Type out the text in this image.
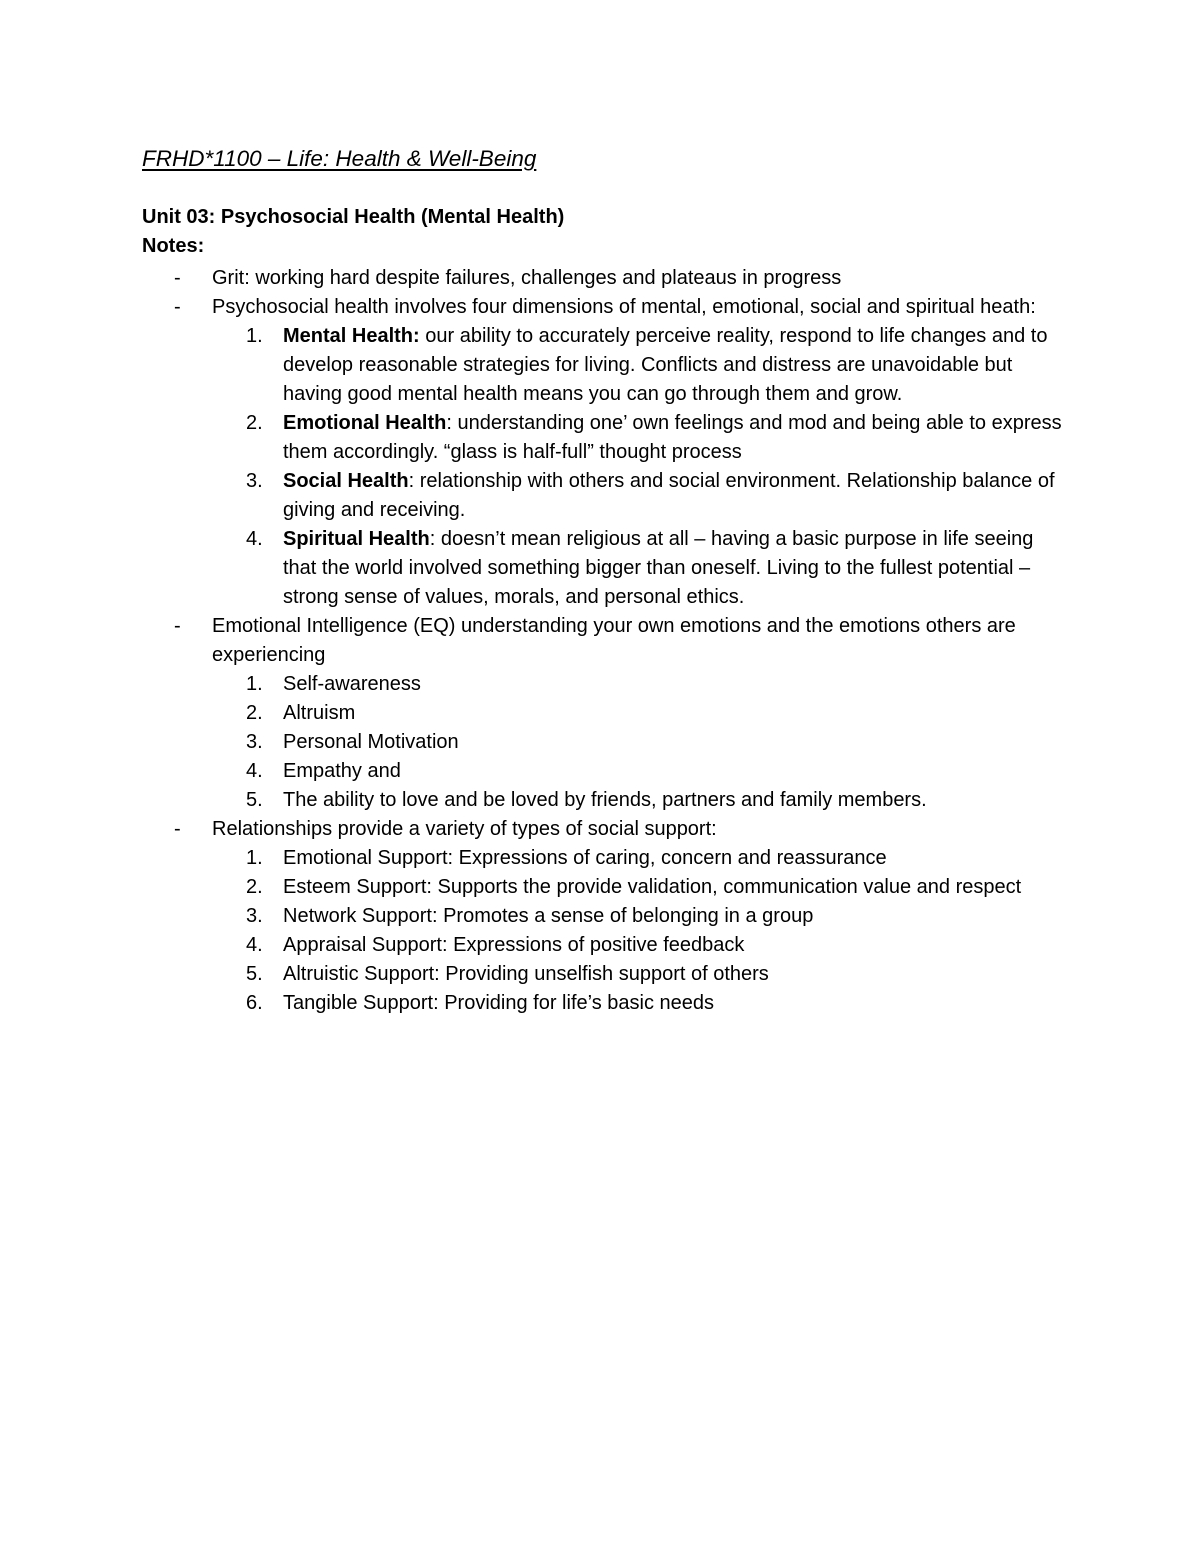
FRHD*1100 – Life: Health & Well-Being
Unit 03: Psychosocial Health (Mental Health)
Notes:
- Grit: working hard despite failures, challenges and plateaus in progress
- Psychosocial health involves four dimensions of mental, emotional, social and spiritual heath:
1. Mental Health: our ability to accurately perceive reality, respond to life changes and to develop reasonable strategies for living. Conflicts and distress are unavoidable but having good mental health means you can go through them and grow.
2. Emotional Health: understanding one’ own feelings and mod and being able to express them accordingly. “glass is half-full” thought process
3. Social Health: relationship with others and social environment. Relationship balance of giving and receiving.
4. Spiritual Health: doesn’t mean religious at all – having a basic purpose in life seeing that the world involved something bigger than oneself. Living to the fullest potential – strong sense of values, morals, and personal ethics.
- Emotional Intelligence (EQ) understanding your own emotions and the emotions others are experiencing
1. Self-awareness
2. Altruism
3. Personal Motivation
4. Empathy and
5. The ability to love and be loved by friends, partners and family members.
- Relationships provide a variety of types of social support:
1. Emotional Support: Expressions of caring, concern and reassurance
2. Esteem Support: Supports the provide validation, communication value and respect
3. Network Support: Promotes a sense of belonging in a group
4. Appraisal Support: Expressions of positive feedback
5. Altruistic Support: Providing unselfish support of others
6. Tangible Support: Providing for life’s basic needs
